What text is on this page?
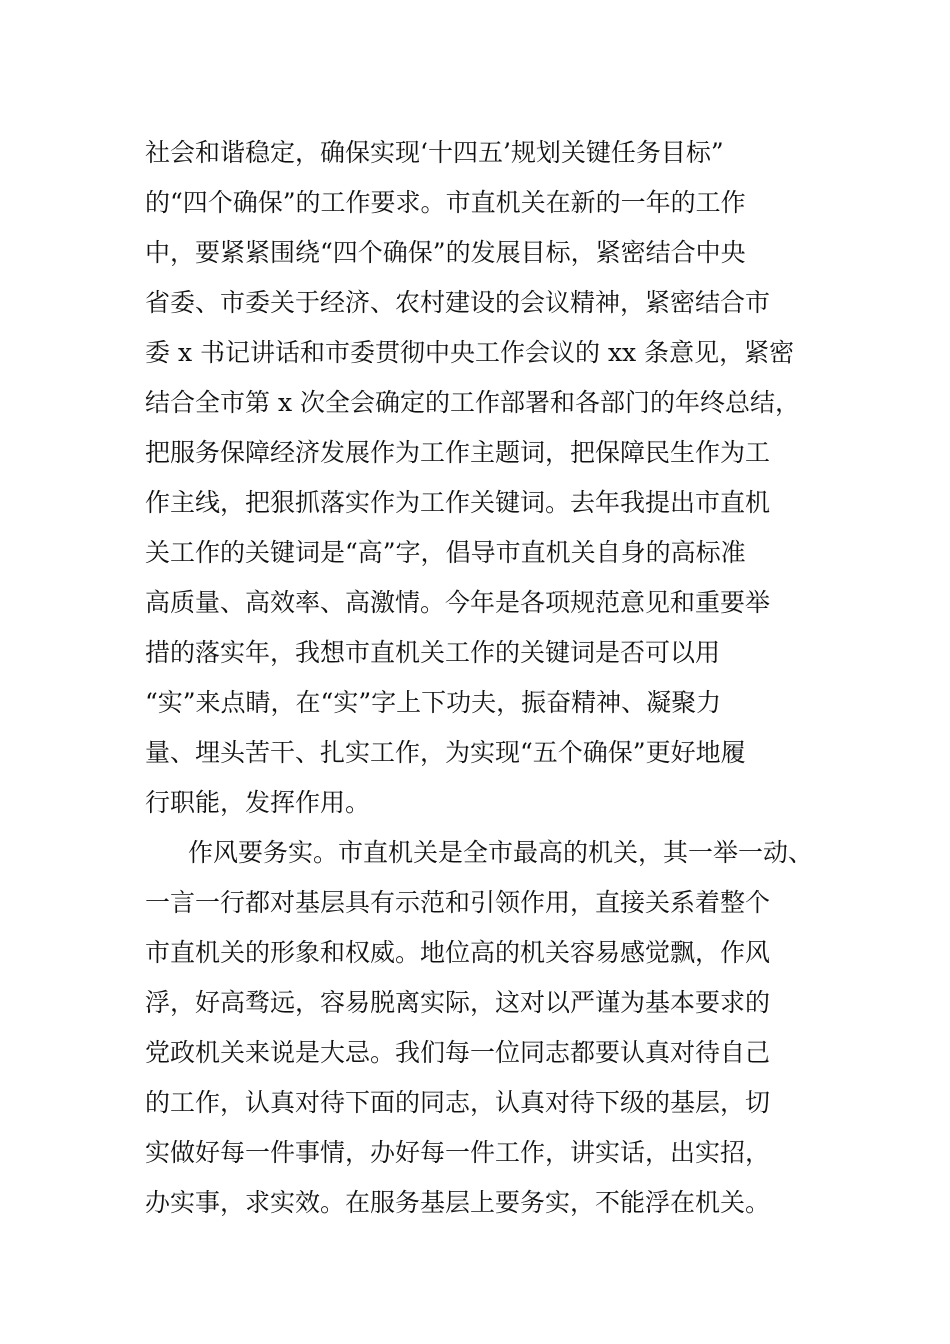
社会和谐稳定，确保实现‘十四五’规划关键任务目标”
的“四个确保”的工作要求。市直机关在新的一年的工作
中，要紧紧围绕“四个确保”的发展目标，紧密结合中央
省委、市委关于经济、农村建设的会议精神，紧密结合市
委 x 书记讲话和市委贯彻中央工作会议的 xx 条意见，紧密
结合全市第 x 次全会确定的工作部署和各部门的年终总结，
把服务保障经济发展作为工作主题词，把保障民生作为工
作主线，把狠抓落实作为工作关键词。去年我提出市直机
关工作的关键词是“高”字，倡导市直机关自身的高标准
高质量、高效率、高激情。今年是各项规范意见和重要举
措的落实年，我想市直机关工作的关键词是否可以用
“实”来点睛，在“实”字上下功夫，振奋精神、凝聚力
量、埋头苦干、扎实工作，为实现“五个确保”更好地履
行职能，发挥作用。
作风要务实。市直机关是全市最高的机关，其一举一动、
一言一行都对基层具有示范和引领作用，直接关系着整个
市直机关的形象和权威。地位高的机关容易感觉飘，作风
浮，好高骛远，容易脱离实际，这对以严谨为基本要求的
党政机关来说是大忌。我们每一位同志都要认真对待自己
的工作，认真对待下面的同志，认真对待下级的基层，切
实做好每一件事情，办好每一件工作，讲实话，出实招，
办实事，求实效。在服务基层上要务实，不能浮在机关。
